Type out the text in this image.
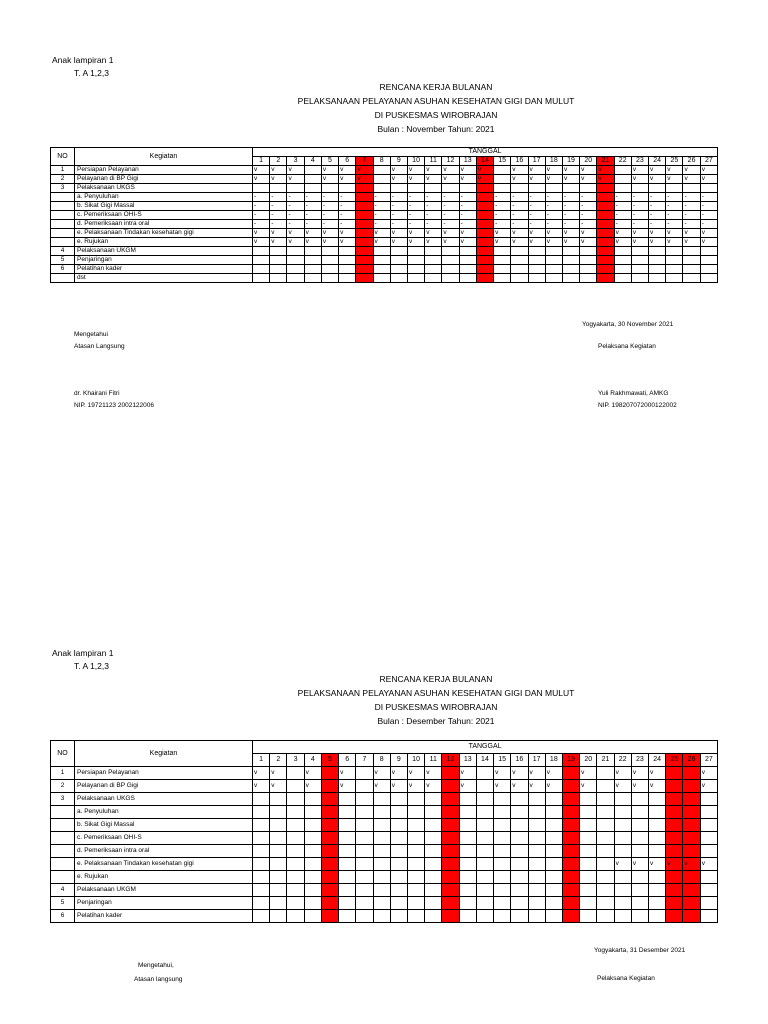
Anak lampiran 1
T. A 1,2,3
RENCANA KERJA BULANAN
PELAKSANAAN PELAYANAN ASUHAN KESEHATAN GIGI DAN MULUT
DI PUSKESMAS WIROBRAJAN
Bulan : November Tahun: 2021
NO	Kegiatan	TANGGAL																										
		1	2	3	4	5	6	7	8	9	10	11	12	13	14	15	16	17	18	19	20	21	22	23	24	25	26	27
1	Persiapan Pelayanan	v	v	v		v	v	v		v	v	v	v	v	v		v	v	v	v	v	v		v	v	v	v	v
2	Pelayanan di BP Gigi	v	v	v		v	v	v		v	v	v	v	v	v		v	v	v	v	v	v		v	v	v	v	v
3	Pelaksanaan UKGS																											
	a. Penyuluhan	-	-	-	-	-	-		-	-	-	-	-	-		-	-	-	-	-	-		-	-	-	-	-	-
	b. Sikat Gigi Massal	-	-	-	-	-	-		-	-	-	-	-	-		-	-	-	-	-	-		-	-	-	-	-	-
	c. Pemeriksaan OHI-S	-	-	-	-	-	-		-	-	-	-	-	-		-	-	-	-	-	-		-	-	-	-	-	-
	d. Pemeriksaan intra oral	-	-	-	-	-	-		-	-	-	-	-	-		-	-	-	-	-	-		-	-	-	-	-	-
	e. Pelaksanaan Tindakan kesehatan gigi	v	v	v	v	v	v		v	v	v	v	v	v		v	v	v	v	v	v		v	v	v	v	v	v
	e. Rujukan	v	v	v	v	v	v		v	v	v	v	v	v		v	v	v	v	v	v		v	v	v	v	v	v
4	Pelaksanaan UKGM																											
5	Penjaringan																											
6	Pelatihan kader																											
	dst																											
Yogyakarta, 30 November 2021
Mengetahui
Atasan Langsung	Pelaksana Kegiatan
dr. Khairani Fitri
NIP. 19721123 2002122006
Yuli Rakhmawati, AMKG
NIP. 198207072000122002
Anak lampiran 1
T. A 1,2,3
RENCANA KERJA BULANAN
PELAKSANAAN PELAYANAN ASUHAN KESEHATAN GIGI DAN MULUT
DI PUSKESMAS WIROBRAJAN
Bulan : Desember Tahun: 2021
NO	Kegiatan	TANGGAL																										
		1	2	3	4	5	6	7	8	9	10	11	12	13	14	15	16	17	18	19	20	21	22	23	24	25	26	27
1	Persiapan Pelayanan	v	v		v		v		v	v	v	v		v		v	v	v	v		v		v	v	v			v
2	Pelayanan di BP Gigi	v	v		v		v		v	v	v	v		v		v	v	v	v		v		v	v	v			v
3	Pelaksanaan UKGS																											
	a. Penyuluhan																											
	b. Sikat Gigi Massal																											
	c. Pemeriksaan OHI-S																											
	d. Pemeriksaan intra oral																											
	e. Pelaksanaan Tindakan kesehatan gigi																						v	v	v	v	v	v
	e. Rujukan																											
4	Pelaksanaan UKGM																											
5	Penjaringan																											
6	Pelatihan kader																											
Yogyakarta, 31 Desember 2021
Mengetahui,
Atasan langsung	Pelaksana Kegiatan
